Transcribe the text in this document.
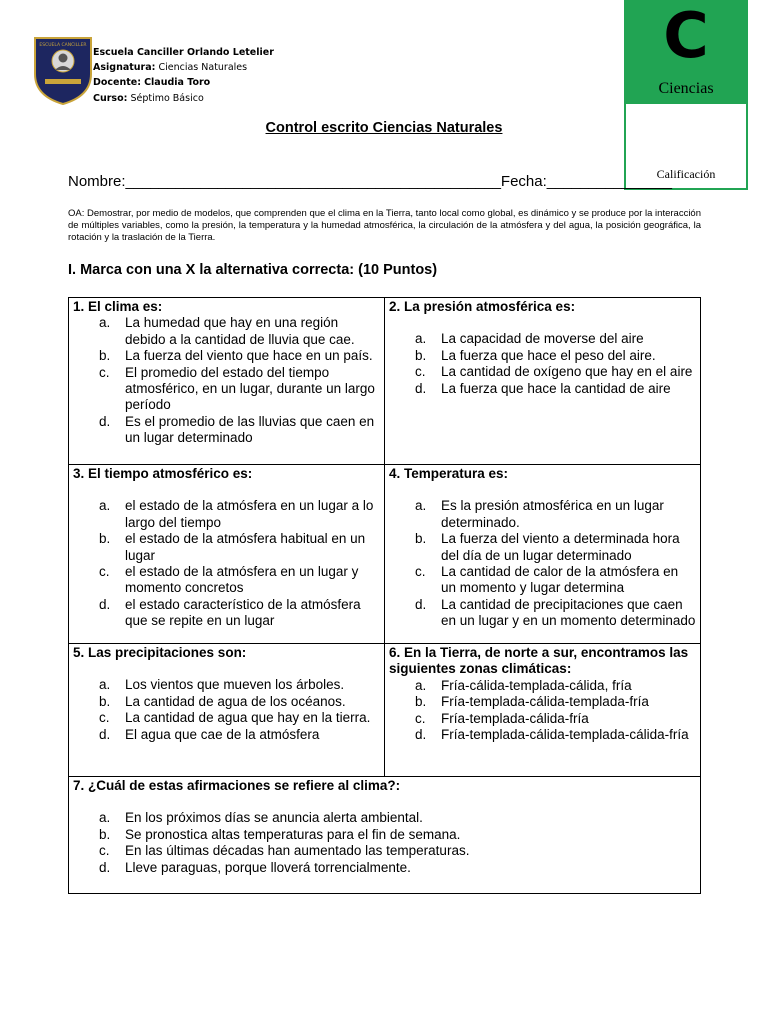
ESCUELA CANCILLER
Escuela Canciller Orlando Letelier
Asignatura: Ciencias Naturales
Docente: Claudia Toro
Curso: Séptimo Básico
C
Ciencias
Calificación
Control escrito Ciencias Naturales
Nombre:_____________________________________________Fecha:_______________
OA: Demostrar, por medio de modelos, que comprenden que el clima en la Tierra, tanto local como global, es dinámico y se produce por la interacción de múltiples variables, como la presión, la temperatura y la humedad atmosférica, la circulación de la atmósfera y del agua, la posición geográfica, la rotación y la traslación de la Tierra.
I. Marca con una X la alternativa correcta: (10 Puntos)
1. El clima es:
a. La humedad que hay en una región debido a la cantidad de lluvia que cae.
b. La fuerza del viento que hace en un país.
c. El promedio del estado del tiempo atmosférico, en un lugar, durante un largo período
d. Es el promedio de las lluvias que caen en un lugar determinado
2. La presión atmosférica es:
a. La capacidad de moverse del aire
b. La fuerza que hace el peso del aire.
c. La cantidad de oxígeno que hay en el aire
d. La fuerza que hace la cantidad de aire
3. El tiempo atmosférico es:
a. el estado de la atmósfera en un lugar a lo largo del tiempo
b. el estado de la atmósfera habitual en un lugar
c. el estado de la atmósfera en un lugar y momento concretos
d. el estado característico de la atmósfera que se repite en un lugar
4. Temperatura es:
a. Es la presión atmosférica en un lugar determinado.
b. La fuerza del viento a determinada hora del día de un lugar determinado
c. La cantidad de calor de la atmósfera en un momento y lugar determina
d. La cantidad de precipitaciones que caen en un lugar y en un momento determinado
5. Las precipitaciones son:
a. Los vientos que mueven los árboles.
b. La cantidad de agua de los océanos.
c. La cantidad de agua que hay en la tierra.
d. El agua que cae de la atmósfera
6. En la Tierra, de norte a sur, encontramos las siguientes zonas climáticas:
a. Fría-cálida-templada-cálida, fría
b. Fría-templada-cálida-templada-fría
c. Fría-templada-cálida-fría
d. Fría-templada-cálida-templada-cálida-fría
7. ¿Cuál de estas afirmaciones se refiere al clima?:
a. En los próximos días se anuncia alerta ambiental.
b. Se pronostica altas temperaturas para el fin de semana.
c. En las últimas décadas han aumentado las temperaturas.
d. Lleve paraguas, porque lloverá torrencialmente.
